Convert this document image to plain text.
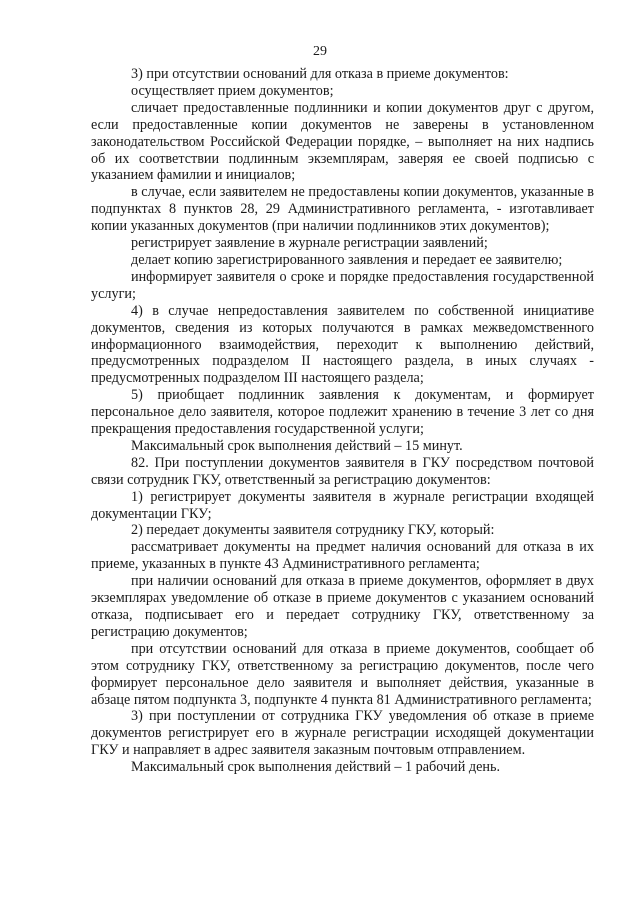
29

3) при отсутствии оснований для отказа в приеме документов:

осуществляет прием документов;

сличает предоставленные подлинники и копии документов друг с другом, если предоставленные копии документов не заверены в установленном законодательством Российской Федерации порядке, – выполняет на них надпись об их соответствии подлинным экземплярам, заверяя ее своей подписью с указанием фамилии и инициалов;

в случае, если заявителем не предоставлены копии документов, указанные в подпунктах 8 пунктов 28, 29 Административного регламента, - изготавливает копии указанных документов (при наличии подлинников этих документов);

регистрирует заявление в журнале регистрации заявлений;

делает копию зарегистрированного заявления и передает ее заявителю;

информирует заявителя о сроке и порядке предоставления государственной услуги;

4) в случае непредоставления заявителем по собственной инициативе документов, сведения из которых получаются в рамках межведомственного информационного взаимодействия, переходит к выполнению действий, предусмотренных подразделом II настоящего раздела, в иных случаях - предусмотренных подразделом III настоящего раздела;

5) приобщает подлинник заявления к документам, и формирует персональное дело заявителя, которое подлежит хранению в течение 3 лет со дня прекращения предоставления государственной услуги;

Максимальный срок выполнения действий – 15 минут.

82. При поступлении документов заявителя в ГКУ посредством почтовой связи сотрудник ГКУ, ответственный за регистрацию документов:

1) регистрирует документы заявителя в журнале регистрации входящей документации ГКУ;

2) передает документы заявителя сотруднику ГКУ, который:

рассматривает документы на предмет наличия оснований для отказа в их приеме, указанных в пункте 43 Административного регламента;

при наличии оснований для отказа в приеме документов, оформляет в двух экземплярах уведомление об отказе в приеме документов с указанием оснований отказа, подписывает его и передает сотруднику ГКУ, ответственному за регистрацию документов;

при отсутствии оснований для отказа в приеме документов, сообщает об этом сотруднику ГКУ, ответственному за регистрацию документов, после чего формирует персональное дело заявителя и выполняет действия, указанные в абзаце пятом подпункта 3, подпункте 4 пункта 81 Административного регламента;

3) при поступлении от сотрудника ГКУ уведомления об отказе в приеме документов регистрирует его в журнале регистрации исходящей документации ГКУ и направляет в адрес заявителя заказным почтовым отправлением.

Максимальный срок выполнения действий – 1 рабочий день.
